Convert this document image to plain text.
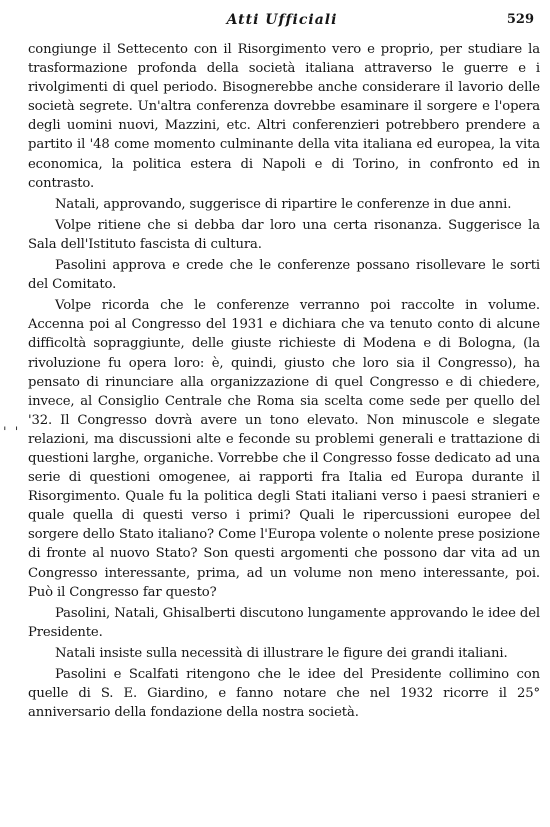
Atti Ufficiali	529
' '

congiunge il Settecento con il Risorgimento vero e proprio, per studiare la trasformazione profonda della società italiana attraverso le guerre e i rivolgimenti di quel periodo. Bisognerebbe anche considerare il lavorio delle società segrete. Un'altra conferenza dovrebbe esaminare il sorgere e l'opera degli uomini nuovi, Mazzini, etc. Altri conferenzieri potrebbero prendere a partito il '48 come momento culminante della vita italiana ed europea, la vita economica, la politica estera di Napoli e di Torino, in confronto ed in contrasto.

Natali, approvando, suggerisce di ripartire le conferenze in due anni.

Volpe ritiene che si debba dar loro una certa risonanza. Suggerisce la Sala dell'Istituto fascista di cultura.

Pasolini approva e crede che le conferenze possano risollevare le sorti del Comitato.

Volpe ricorda che le conferenze verranno poi raccolte in volume. Accenna poi al Congresso del 1931 e dichiara che va tenuto conto di alcune difficoltà sopraggiunte, delle giuste richieste di Modena e di Bologna, (la rivoluzione fu opera loro: è, quindi, giusto che loro sia il Congresso), ha pensato di rinunciare alla organizzazione di quel Congresso e di chiedere, invece, al Consiglio Centrale che Roma sia scelta come sede per quello del '32. Il Congresso dovrà avere un tono elevato. Non minuscole e slegate relazioni, ma discussioni alte e feconde su problemi generali e trattazione di questioni larghe, organiche. Vorrebbe che il Congresso fosse dedicato ad una serie di questioni omogenee, ai rapporti fra Italia ed Europa durante il Risorgimento. Quale fu la politica degli Stati italiani verso i paesi stranieri e quale quella di questi verso i primi? Quali le ripercussioni europee del sorgere dello Stato italiano? Come l'Europa volente o nolente prese posizione di fronte al nuovo Stato? Son questi argomenti che possono dar vita ad un Congresso interessante, prima, ad un volume non meno interessante, poi. Può il Congresso far questo?

Pasolini, Natali, Ghisalberti discutono lungamente approvando le idee del Presidente.

Natali insiste sulla necessità di illustrare le figure dei grandi italiani.

Pasolini e Scalfati ritengono che le idee del Presidente collimino con quelle di S. E. Giardino, e fanno notare che nel 1932 ricorre il 25° anniversario della fondazione della nostra società.
